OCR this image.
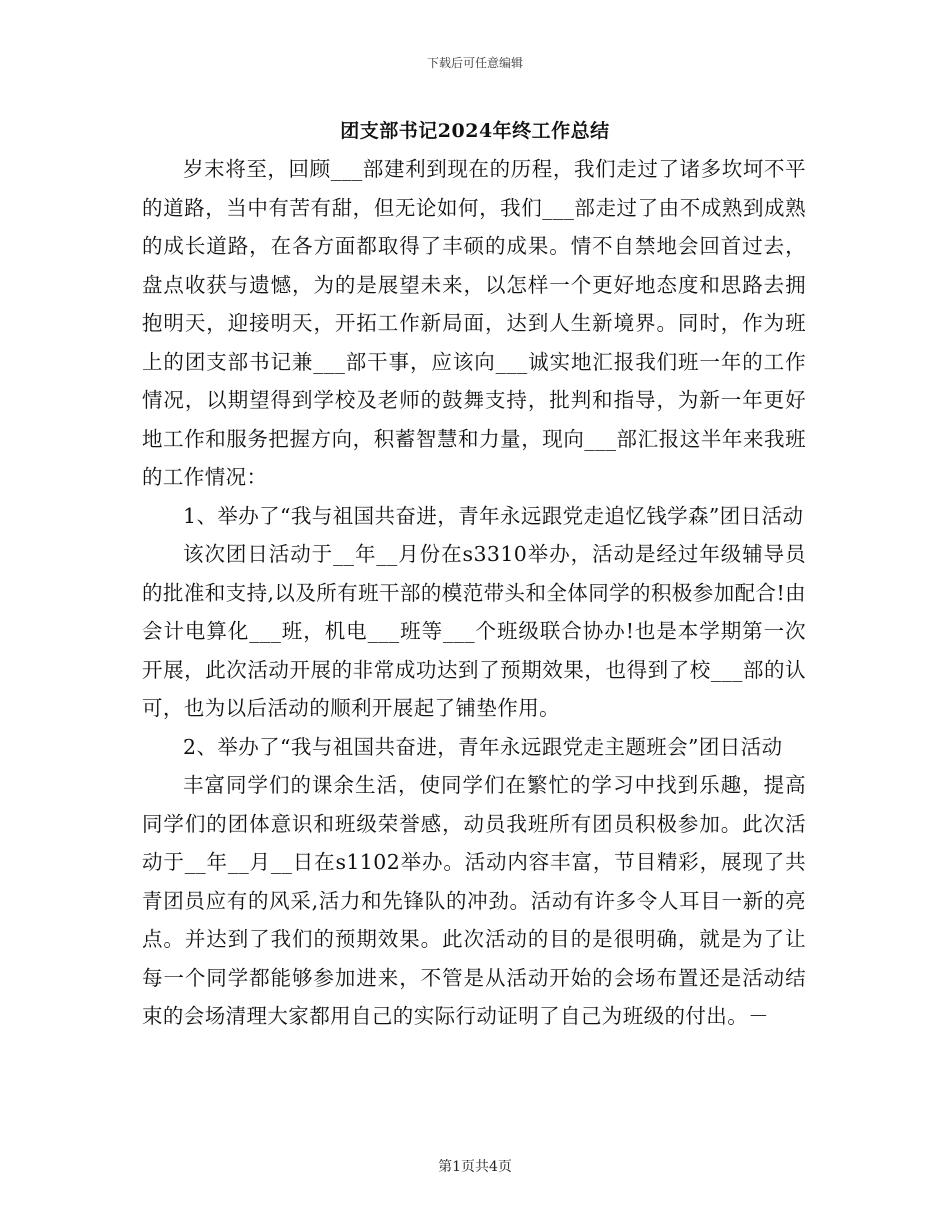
下载后可任意编辑
团支部书记2024年终工作总结

岁末将至，回顾___部建利到现在的历程，我们走过了诸多坎坷不平的道路，当中有苦有甜，但无论如何，我们___部走过了由不成熟到成熟的成长道路，在各方面都取得了丰硕的成果。情不自禁地会回首过去，盘点收获与遗憾，为的是展望未来，以怎样一个更好地态度和思路去拥抱明天，迎接明天，开拓工作新局面，达到人生新境界。同时，作为班上的团支部书记兼___部干事，应该向___诚实地汇报我们班一年的工作情况，以期望得到学校及老师的鼓舞支持，批判和指导，为新一年更好地工作和服务把握方向，积蓄智慧和力量，现向___部汇报这半年来我班的工作情况：

1、举办了“我与祖国共奋进，青年永远跟党走追忆钱学森”团日活动

该次团日活动于__年__月份在s3310举办，活动是经过年级辅导员的批准和支持,以及所有班干部的模范带头和全体同学的积极参加配合!由会计电算化___班，机电___班等___个班级联合协办!也是本学期第一次开展，此次活动开展的非常成功达到了预期效果，也得到了校___部的认可，也为以后活动的顺利开展起了铺垫作用。

2、举办了“我与祖国共奋进，青年永远跟党走主题班会”团日活动

丰富同学们的课余生活，使同学们在繁忙的学习中找到乐趣，提高同学们的团体意识和班级荣誉感，动员我班所有团员积极参加。此次活动于__年__月__日在s1102举办。活动内容丰富，节目精彩，展现了共青团员应有的风采,活力和先锋队的冲劲。活动有许多令人耳目一新的亮点。并达到了我们的预期效果。此次活动的目的是很明确，就是为了让每一个同学都能够参加进来，不管是从活动开始的会场布置还是活动结束的会场清理大家都用自己的实际行动证明了自己为班级的付出。－

第1页共4页
